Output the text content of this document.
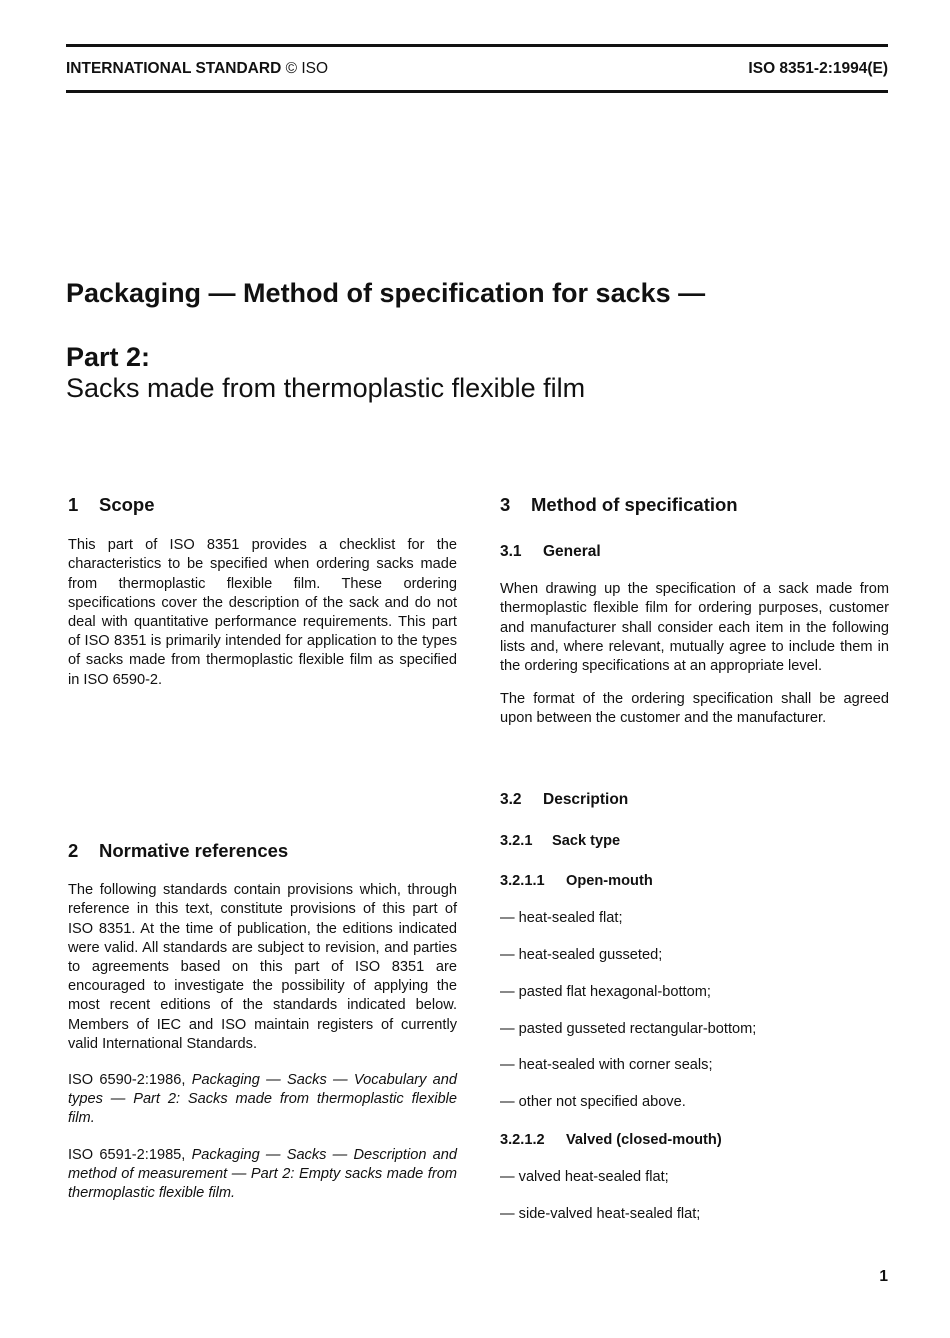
INTERNATIONAL STANDARD © ISO	ISO 8351-2:1994(E)
Packaging — Method of specification for sacks —
Part 2:
Sacks made from thermoplastic flexible film
1 Scope

This part of ISO 8351 provides a checklist for the characteristics to be specified when ordering sacks made from thermoplastic flexible film. These ordering specifications cover the description of the sack and do not deal with quantitative performance requirements. This part of ISO 8351 is primarily intended for application to the types of sacks made from thermoplastic flexible film as specified in ISO 6590-2.

2 Normative references

The following standards contain provisions which, through reference in this text, constitute provisions of this part of ISO 8351. At the time of publication, the editions indicated were valid. All standards are subject to revision, and parties to agreements based on this part of ISO 8351 are encouraged to investigate the possibility of applying the most recent editions of the standards indicated below. Members of IEC and ISO maintain registers of currently valid International Standards.

ISO 6590-2:1986, Packaging — Sacks — Vocabulary and types — Part 2: Sacks made from thermoplastic flexible film.

ISO 6591-2:1985, Packaging — Sacks — Description and method of measurement — Part 2: Empty sacks made from thermoplastic flexible film.

3 Method of specification
3.1 General

When drawing up the specification of a sack made from thermoplastic flexible film for ordering purposes, customer and manufacturer shall consider each item in the following lists and, where relevant, mutually agree to include them in the ordering specifications at an appropriate level.

The format of the ordering specification shall be agreed upon between the customer and the manufacturer.

3.2 Description
3.2.1 Sack type
3.2.1.1 Open-mouth

— heat-sealed flat;

— heat-sealed gusseted;

— pasted flat hexagonal-bottom;

— pasted gusseted rectangular-bottom;

— heat-sealed with corner seals;

— other not specified above.

3.2.1.2 Valved (closed-mouth)

— valved heat-sealed flat;

— side-valved heat-sealed flat;

1
